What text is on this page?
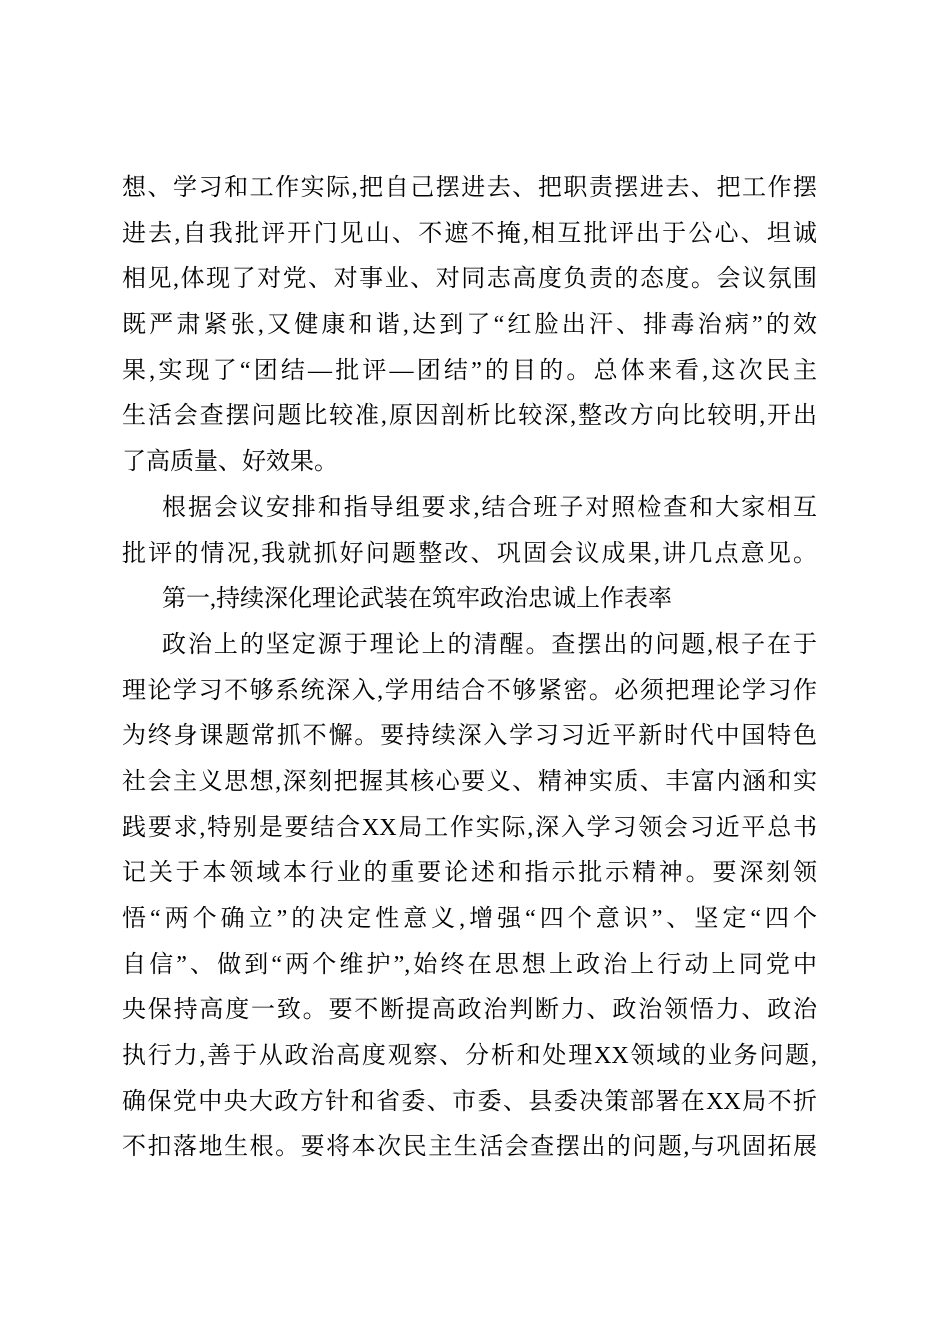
想、学习和工作实际,把自己摆进去、把职责摆进去、把工作摆
进去,自我批评开门见山、不遮不掩,相互批评出于公心、坦诚
相见,体现了对党、对事业、对同志高度负责的态度。会议氛围
既严肃紧张,又健康和谐,达到了“红脸出汗、排毒治病”的效
果,实现了“团结—批评—团结”的目的。总体来看,这次民主
生活会查摆问题比较准,原因剖析比较深,整改方向比较明,开出
了高质量、好效果。
根据会议安排和指导组要求,结合班子对照检查和大家相互
批评的情况,我就抓好问题整改、巩固会议成果,讲几点意见。
第一,持续深化理论武装在筑牢政治忠诚上作表率
政治上的坚定源于理论上的清醒。查摆出的问题,根子在于
理论学习不够系统深入,学用结合不够紧密。必须把理论学习作
为终身课题常抓不懈。要持续深入学习习近平新时代中国特色
社会主义思想,深刻把握其核心要义、精神实质、丰富内涵和实
践要求,特别是要结合XX局工作实际,深入学习领会习近平总书
记关于本领域本行业的重要论述和指示批示精神。要深刻领
悟“两个确立”的决定性意义,增强“四个意识”、坚定“四个
自信”、做到“两个维护”,始终在思想上政治上行动上同党中
央保持高度一致。要不断提高政治判断力、政治领悟力、政治
执行力,善于从政治高度观察、分析和处理XX领域的业务问题,
确保党中央大政方针和省委、市委、县委决策部署在XX局不折
不扣落地生根。要将本次民主生活会查摆出的问题,与巩固拓展
